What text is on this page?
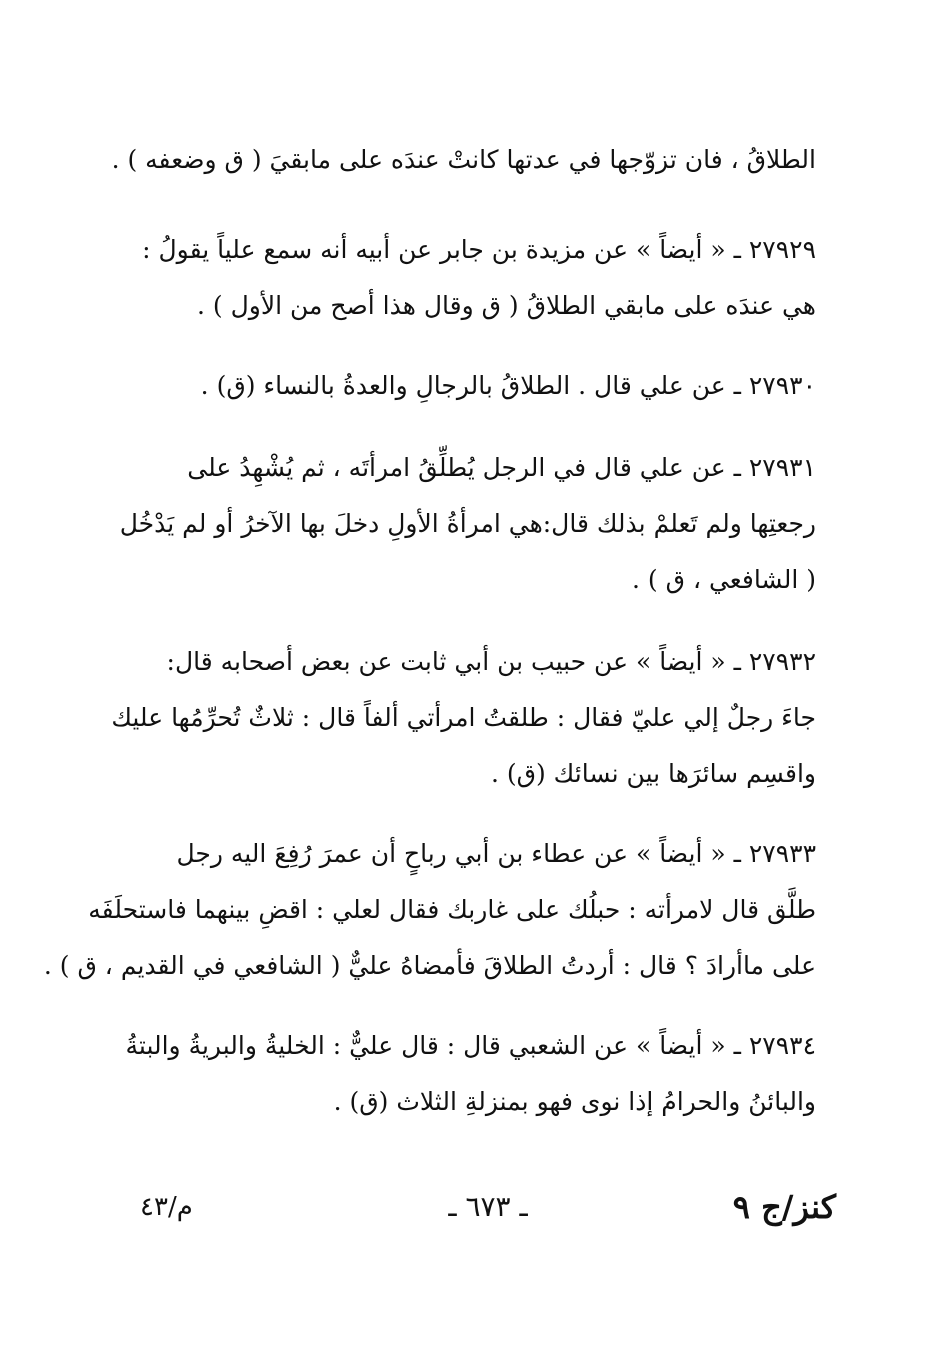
الطلاقُ ، فان تزوّجها في عدتها كانتْ عندَه على مابقيَ ( ق وضعفه ) .
٢٧٩٢٩ ـ « أيضاً » عن مزيدة بن جابر عن أبيه أنه سمع علياً يقولُ :
هي عندَه على مابقي الطلاقُ ( ق وقال هذا أصح من الأول ) .
٢٧٩٣٠ ـ عن علي قال . الطلاقُ بالرجالِ والعدةُ بالنساء (ق) .
٢٧٩٣١ ـ عن علي قال في الرجل يُطلِّقُ امرأتَه ، ثم يُشْهِدُ على
رجعتِها ولم تَعلمْ بذلك قال:هي امرأةُ الأولِ دخلَ بها الآخرُ أو لم يَدْخُل
( الشافعي ، ق ) .
٢٧٩٣٢ ـ « أيضاً » عن حبيب بن أبي ثابت عن بعض أصحابه قال:
جاءَ رجلٌ إلي عليّ فقال : طلقتُ امرأتي ألفاً قال : ثلاثٌ تُحرِّمُها عليك
واقسِم سائرَها بين نسائك (ق) .
٢٧٩٣٣ ـ « أيضاً » عن عطاء بن أبي رباحٍ أن عمرَ رُفِعَ اليه رجل
طلَّق قال لامرأته : حبلُك على غاربك فقال لعلي : اقضِ بينهما فاستحلَفَه
على ماأرادَ ؟ قال : أردتُ الطلاقَ فأمضاهُ عليٌّ ( الشافعي في القديم ، ق ) .
٢٧٩٣٤ ـ « أيضاً » عن الشعبي قال : قال عليٌّ : الخليةُ والبريةُ والبتةُ
والبائنُ والحرامُ إذا نوى فهو بمنزلةِ الثلاث (ق) .
كنز/ج ٩
ـ ٦٧٣ ـ
م/٤٣
